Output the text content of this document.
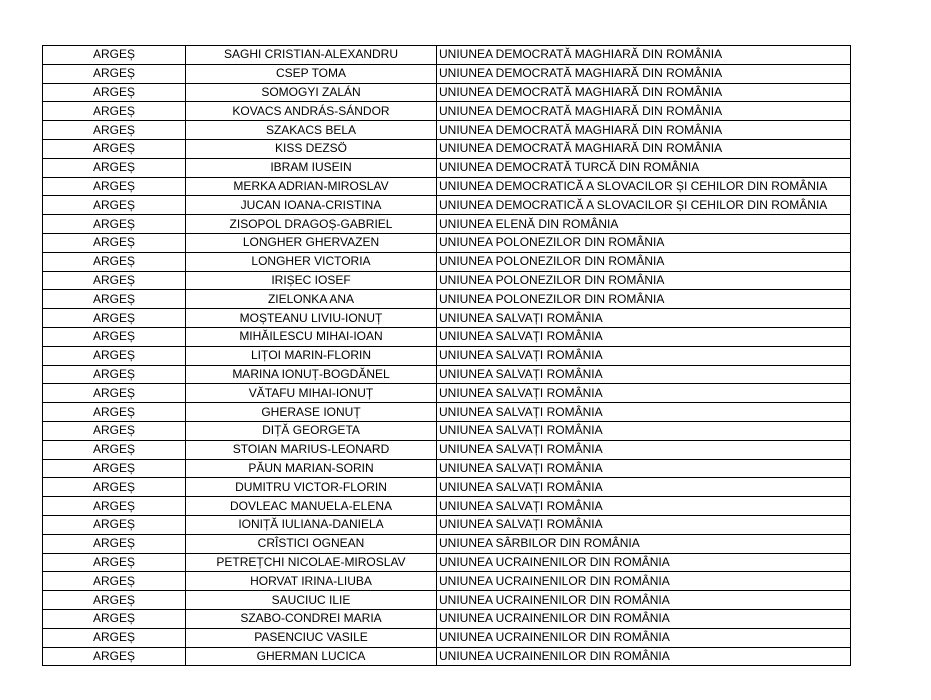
ARGEȘ	SAGHI CRISTIAN-ALEXANDRU	UNIUNEA DEMOCRATĂ MAGHIARĂ DIN ROMÂNIA
ARGEȘ	CSEP TOMA	UNIUNEA DEMOCRATĂ MAGHIARĂ DIN ROMÂNIA
ARGEȘ	SOMOGYI ZALÁN	UNIUNEA DEMOCRATĂ MAGHIARĂ DIN ROMÂNIA
ARGEȘ	KOVACS ANDRÁS-SÁNDOR	UNIUNEA DEMOCRATĂ MAGHIARĂ DIN ROMÂNIA
ARGEȘ	SZAKACS BELA	UNIUNEA DEMOCRATĂ MAGHIARĂ DIN ROMÂNIA
ARGEȘ	KISS DEZSÖ	UNIUNEA DEMOCRATĂ MAGHIARĂ DIN ROMÂNIA
ARGEȘ	IBRAM IUSEIN	UNIUNEA DEMOCRATĂ TURCĂ DIN ROMÂNIA
ARGEȘ	MERKA ADRIAN-MIROSLAV	UNIUNEA DEMOCRATICĂ A SLOVACILOR ȘI CEHILOR DIN ROMÂNIA
ARGEȘ	JUCAN IOANA-CRISTINA	UNIUNEA DEMOCRATICĂ A SLOVACILOR ȘI CEHILOR DIN ROMÂNIA
ARGEȘ	ZISOPOL DRAGOȘ-GABRIEL	UNIUNEA ELENĂ DIN ROMÂNIA
ARGEȘ	LONGHER GHERVAZEN	UNIUNEA POLONEZILOR DIN ROMÂNIA
ARGEȘ	LONGHER VICTORIA	UNIUNEA POLONEZILOR DIN ROMÂNIA
ARGEȘ	IRIȘEC IOSEF	UNIUNEA POLONEZILOR DIN ROMÂNIA
ARGEȘ	ZIELONKA ANA	UNIUNEA POLONEZILOR DIN ROMÂNIA
ARGEȘ	MOȘTEANU LIVIU-IONUȚ	UNIUNEA SALVAȚI ROMÂNIA
ARGEȘ	MIHĂILESCU MIHAI-IOAN	UNIUNEA SALVAȚI ROMÂNIA
ARGEȘ	LIȚOI MARIN-FLORIN	UNIUNEA SALVAȚI ROMÂNIA
ARGEȘ	MARINA IONUȚ-BOGDĂNEL	UNIUNEA SALVAȚI ROMÂNIA
ARGEȘ	VĂTAFU MIHAI-IONUȚ	UNIUNEA SALVAȚI ROMÂNIA
ARGEȘ	GHERASE IONUȚ	UNIUNEA SALVAȚI ROMÂNIA
ARGEȘ	DIȚĂ GEORGETA	UNIUNEA SALVAȚI ROMÂNIA
ARGEȘ	STOIAN MARIUS-LEONARD	UNIUNEA SALVAȚI ROMÂNIA
ARGEȘ	PĂUN MARIAN-SORIN	UNIUNEA SALVAȚI ROMÂNIA
ARGEȘ	DUMITRU VICTOR-FLORIN	UNIUNEA SALVAȚI ROMÂNIA
ARGEȘ	DOVLEAC MANUELA-ELENA	UNIUNEA SALVAȚI ROMÂNIA
ARGEȘ	IONIȚĂ IULIANA-DANIELA	UNIUNEA SALVAȚI ROMÂNIA
ARGEȘ	CRÎSTICI OGNEAN	UNIUNEA SÂRBILOR DIN ROMÂNIA
ARGEȘ	PETREȚCHI NICOLAE-MIROSLAV	UNIUNEA UCRAINENILOR DIN ROMÂNIA
ARGEȘ	HORVAT IRINA-LIUBA	UNIUNEA UCRAINENILOR DIN ROMÂNIA
ARGEȘ	SAUCIUC ILIE	UNIUNEA UCRAINENILOR DIN ROMÂNIA
ARGEȘ	SZABO-CONDREI MARIA	UNIUNEA UCRAINENILOR DIN ROMÂNIA
ARGEȘ	PASENCIUC VASILE	UNIUNEA UCRAINENILOR DIN ROMÂNIA
ARGEȘ	GHERMAN LUCICA	UNIUNEA UCRAINENILOR DIN ROMÂNIA
